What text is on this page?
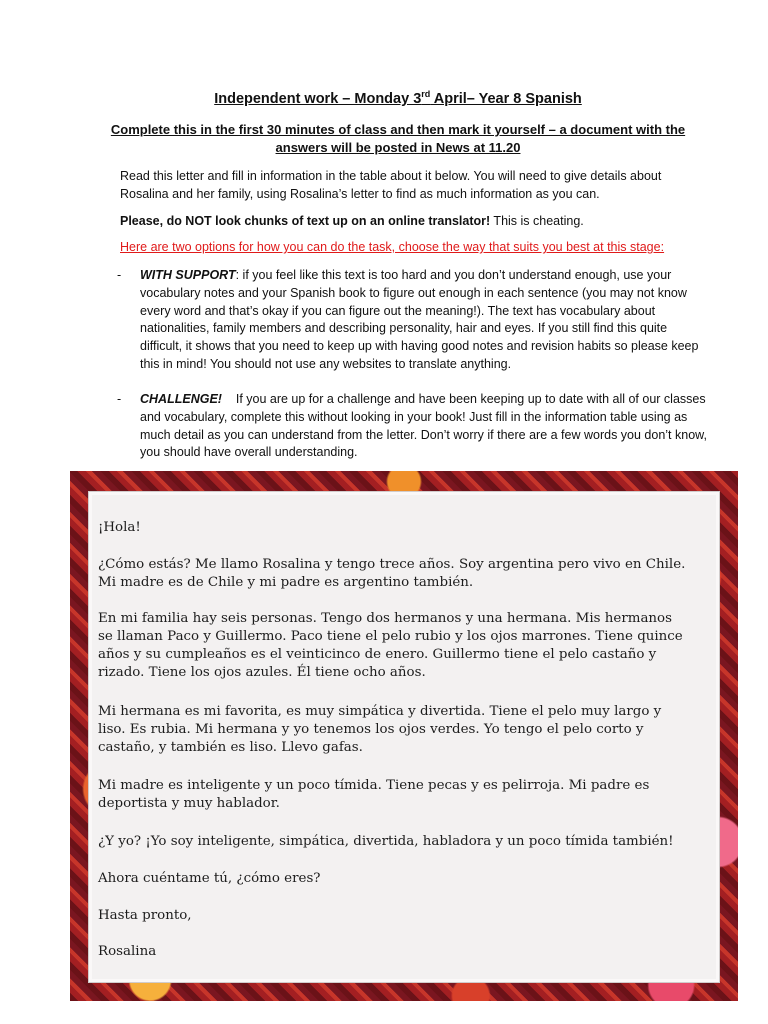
Independent work – Monday 3rd April– Year 8 Spanish

Complete this in the first 30 minutes of class and then mark it yourself – a document with the answers will be posted in News at 11.20

Read this letter and fill in information in the table about it below. You will need to give details about Rosalina and her family, using Rosalina’s letter to find as much information as you can.

Please, do NOT look chunks of text up on an online translator! This is cheating.

Here are two options for how you can do the task, choose the way that suits you best at this stage:

- WITH SUPPORT: if you feel like this text is too hard and you don’t understand enough, use your vocabulary notes and your Spanish book to figure out enough in each sentence (you may not know every word and that’s okay if you can figure out the meaning!). The text has vocabulary about nationalities, family members and describing personality, hair and eyes. If you still find this quite difficult, it shows that you need to keep up with having good notes and revision habits so please keep this in mind! You should not use any websites to translate anything.
- CHALLENGE!    If you are up for a challenge and have been keeping up to date with all of our classes and vocabulary, complete this without looking in your book! Just fill in the information table using as much detail as you can understand from the letter. Don’t worry if there are a few words you don’t know, you should have overall understanding.

¡Hola!

¿Cómo estás? Me llamo Rosalina y tengo trece años. Soy argentina pero vivo en Chile. Mi madre es de Chile y mi padre es argentino también.

En mi familia hay seis personas. Tengo dos hermanos y una hermana. Mis hermanos se llaman Paco y Guillermo. Paco tiene el pelo rubio y los ojos marrones. Tiene quince años y su cumpleaños es el veinticinco de enero. Guillermo tiene el pelo castaño y rizado. Tiene los ojos azules. Él tiene ocho años.

Mi hermana es mi favorita, es muy simpática y divertida. Tiene el pelo muy largo y liso. Es rubia. Mi hermana y yo tenemos los ojos verdes. Yo tengo el pelo corto y castaño, y también es liso. Llevo gafas.

Mi madre es inteligente y un poco tímida. Tiene pecas y es pelirroja. Mi padre es deportista y muy hablador.

¿Y yo? ¡Yo soy inteligente, simpática, divertida, habladora y un poco tímida también!

Ahora cuéntame tú, ¿cómo eres?

Hasta pronto,

Rosalina
